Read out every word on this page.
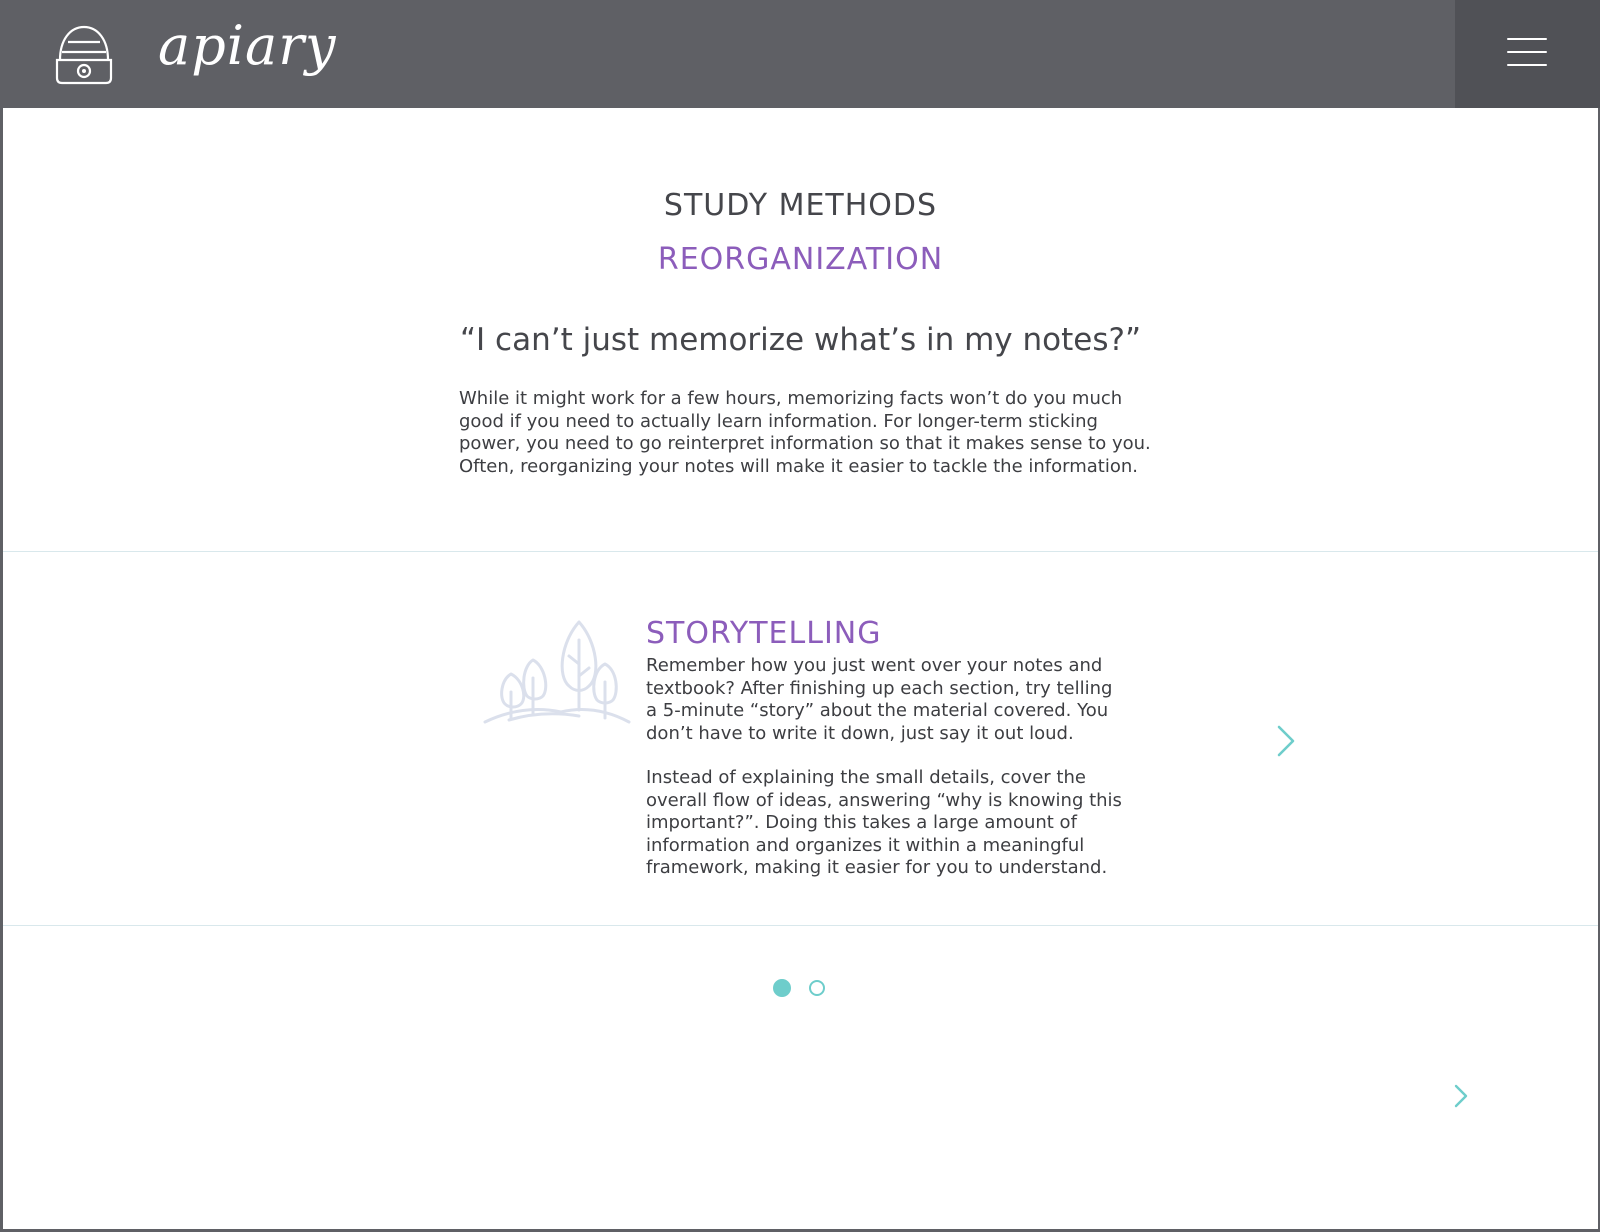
apiary
STUDY METHODS
REORGANIZATION
“I can’t just memorize what’s in my notes?”
While it might work for a few hours, memorizing facts won’t do you much good if you need to actually learn information. For longer-term sticking power, you need to go reinterpret information so that it makes sense to you. Often, reorganizing your notes will make it easier to tackle the information.
STORYTELLING
Remember how you just went over your notes and textbook? After finishing up each section, try telling a 5-minute “story” about the material covered. You don’t have to write it down, just say it out loud.
Instead of explaining the small details, cover the overall flow of ideas, answering “why is knowing this important?”. Doing this takes a large amount of information and organizes it within a meaningful framework, making it easier for you to understand.
